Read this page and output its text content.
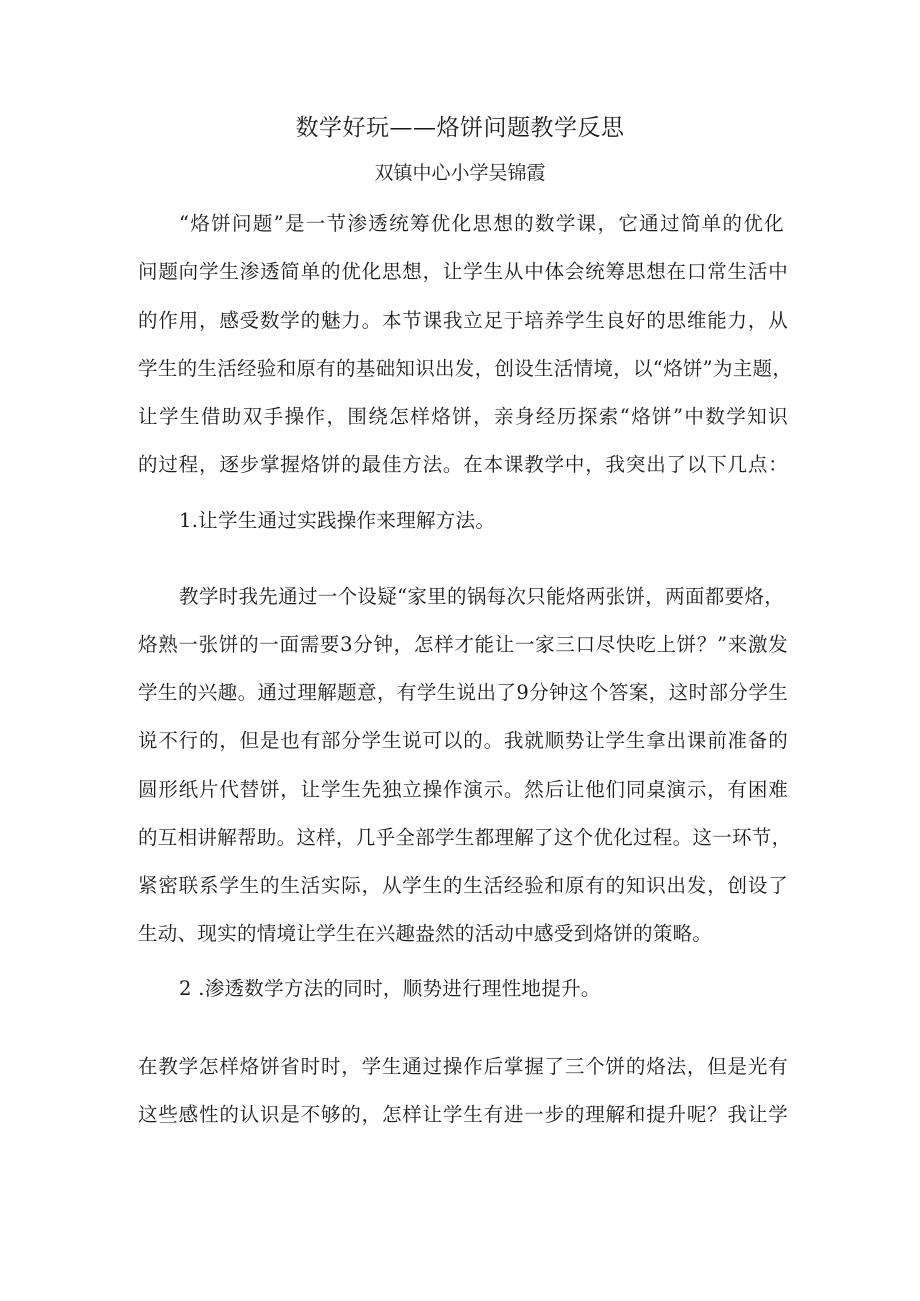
数学好玩——烙饼问题教学反思
双镇中心小学吴锦霞
“烙饼问题”是一节渗透统筹优化思想的数学课，它通过简单的优化
问题向学生渗透简单的优化思想，让学生从中体会统筹思想在口常生活中
的作用，感受数学的魅力。本节课我立足于培养学生良好的思维能力，从
学生的生活经验和原有的基础知识出发，创设生活情境，以“烙饼”为主题，
让学生借助双手操作，围绕怎样烙饼，亲身经历探索“烙饼”中数学知识
的过程，逐步掌握烙饼的最佳方法。在本课教学中，我突出了以下几点：
1.让学生通过实践操作来理解方法。
教学时我先通过一个设疑“家里的锅每次只能烙两张饼，两面都要烙，
烙熟一张饼的一面需要3分钟，怎样才能让一家三口尽快吃上饼？”来激发
学生的兴趣。通过理解题意，有学生说出了9分钟这个答案，这时部分学生
说不行的，但是也有部分学生说可以的。我就顺势让学生拿出课前准备的
圆形纸片代替饼，让学生先独立操作演示。然后让他们同桌演示，有困难
的互相讲解帮助。这样，几乎全部学生都理解了这个优化过程。这一环节，
紧密联系学生的生活实际，从学生的生活经验和原有的知识出发，创设了
生动、现实的情境让学生在兴趣盎然的活动中感受到烙饼的策略。
2 .渗透数学方法的同时，顺势进行理性地提升。
在教学怎样烙饼省时时，学生通过操作后掌握了三个饼的烙法，但是光有
这些感性的认识是不够的，怎样让学生有进一步的理解和提升呢？我让学
